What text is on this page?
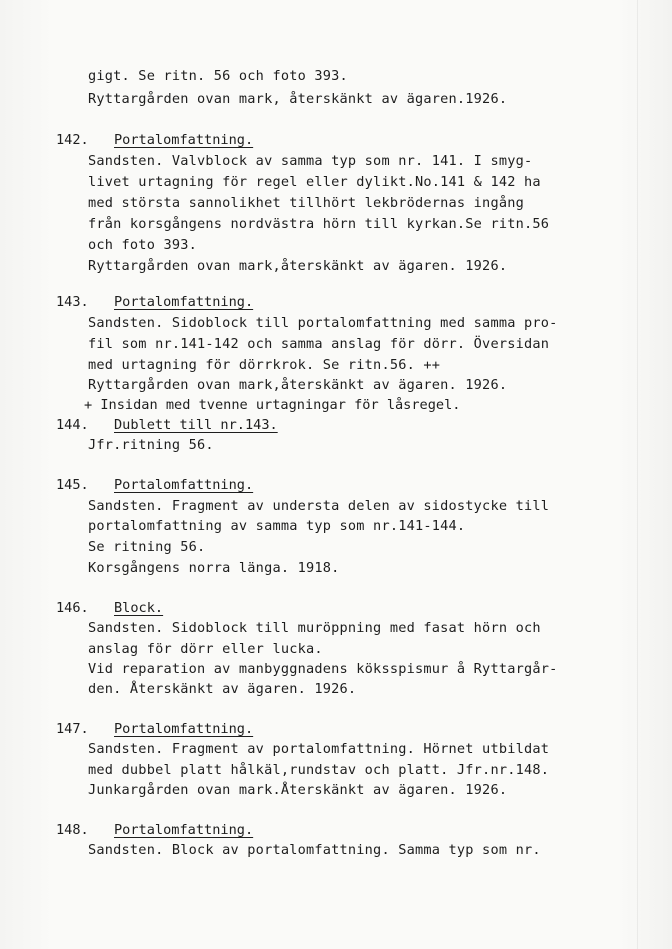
gigt. Se ritn. 56 och foto 393.
Ryttargården ovan mark, återskänkt av ägaren.1926.
142. Portalomfattning.
Sandsten. Valvblock av samma typ som nr. 141. I smyg-
livet urtagning för regel eller dylikt.No.141 & 142 ha
med största sannolikhet tillhört lekbrödernas ingång
från korsgångens nordvästra hörn till kyrkan.Se ritn.56
och foto 393.
Ryttargården ovan mark,återskänkt av ägaren. 1926.
143. Portalomfattning.
Sandsten. Sidoblock till portalomfattning med samma pro-
fil som nr.141-142 och samma anslag för dörr. Översidan
med urtagning för dörrkrok. Se ritn.56. ++
Ryttargården ovan mark,återskänkt av ägaren. 1926.
+ Insidan med tvenne urtagningar för låsregel.
144. Dublett till nr.143.
Jfr.ritning 56.
145. Portalomfattning.
Sandsten. Fragment av understa delen av sidostycke till
portalomfattning av samma typ som nr.141-144.
Se ritning 56.
Korsgångens norra länga. 1918.
146. Block.
Sandsten. Sidoblock till muröppning med fasat hörn och
anslag för dörr eller lucka.
Vid reparation av manbyggnadens köksspismur å Ryttargår-
den. Återskänkt av ägaren. 1926.
147. Portalomfattning.
Sandsten. Fragment av portalomfattning. Hörnet utbildat
med dubbel platt hålkäl,rundstav och platt. Jfr.nr.148.
Junkargården ovan mark.Återskänkt av ägaren. 1926.
148. Portalomfattning.
Sandsten. Block av portalomfattning. Samma typ som nr.
